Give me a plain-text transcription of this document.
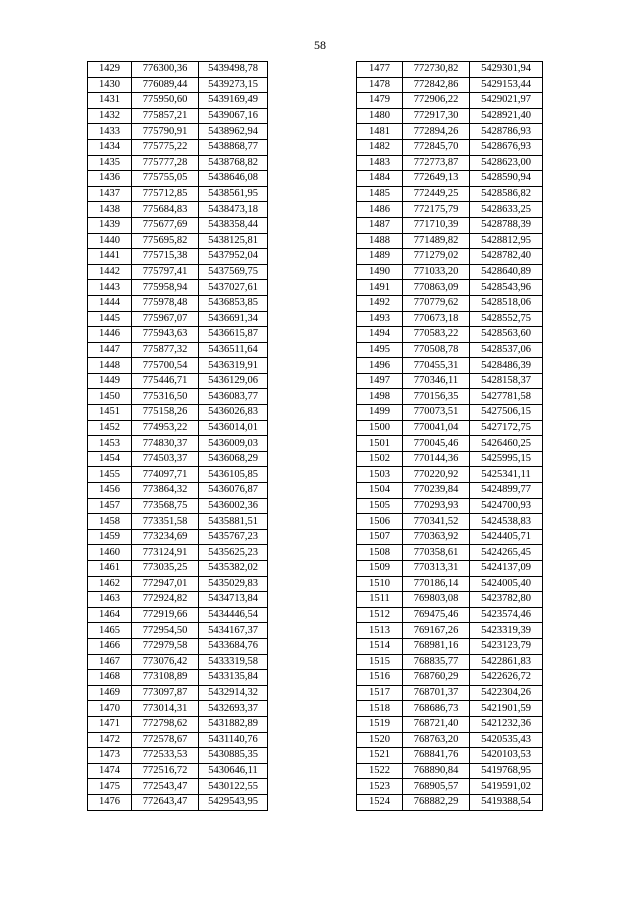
58
1429	776300,36	5439498,78
1430	776089,44	5439273,15
1431	775950,60	5439169,49
1432	775857,21	5439067,16
1433	775790,91	5438962,94
1434	775775,22	5438868,77
1435	775777,28	5438768,82
1436	775755,05	5438646,08
1437	775712,85	5438561,95
1438	775684,83	5438473,18
1439	775677,69	5438358,44
1440	775695,82	5438125,81
1441	775715,38	5437952,04
1442	775797,41	5437569,75
1443	775958,94	5437027,61
1444	775978,48	5436853,85
1445	775967,07	5436691,34
1446	775943,63	5436615,87
1447	775877,32	5436511,64
1448	775700,54	5436319,91
1449	775446,71	5436129,06
1450	775316,50	5436083,77
1451	775158,26	5436026,83
1452	774953,22	5436014,01
1453	774830,37	5436009,03
1454	774503,37	5436068,29
1455	774097,71	5436105,85
1456	773864,32	5436076,87
1457	773568,75	5436002,36
1458	773351,58	5435881,51
1459	773234,69	5435767,23
1460	773124,91	5435625,23
1461	773035,25	5435382,02
1462	772947,01	5435029,83
1463	772924,82	5434713,84
1464	772919,66	5434446,54
1465	772954,50	5434167,37
1466	772979,58	5433684,76
1467	773076,42	5433319,58
1468	773108,89	5433135,84
1469	773097,87	5432914,32
1470	773014,31	5432693,37
1471	772798,62	5431882,89
1472	772578,67	5431140,76
1473	772533,53	5430885,35
1474	772516,72	5430646,11
1475	772543,47	5430122,55
1476	772643,47	5429543,95
1477	772730,82	5429301,94
1478	772842,86	5429153,44
1479	772906,22	5429021,97
1480	772917,30	5428921,40
1481	772894,26	5428786,93
1482	772845,70	5428676,93
1483	772773,87	5428623,00
1484	772649,13	5428590,94
1485	772449,25	5428586,82
1486	772175,79	5428633,25
1487	771710,39	5428788,39
1488	771489,82	5428812,95
1489	771279,02	5428782,40
1490	771033,20	5428640,89
1491	770863,09	5428543,96
1492	770779,62	5428518,06
1493	770673,18	5428552,75
1494	770583,22	5428563,60
1495	770508,78	5428537,06
1496	770455,31	5428486,39
1497	770346,11	5428158,37
1498	770156,35	5427781,58
1499	770073,51	5427506,15
1500	770041,04	5427172,75
1501	770045,46	5426460,25
1502	770144,36	5425995,15
1503	770220,92	5425341,11
1504	770239,84	5424899,77
1505	770293,93	5424700,93
1506	770341,52	5424538,83
1507	770363,92	5424405,71
1508	770358,61	5424265,45
1509	770313,31	5424137,09
1510	770186,14	5424005,40
1511	769803,08	5423782,80
1512	769475,46	5423574,46
1513	769167,26	5423319,39
1514	768981,16	5423123,79
1515	768835,77	5422861,83
1516	768760,29	5422626,72
1517	768701,37	5422304,26
1518	768686,73	5421901,59
1519	768721,40	5421232,36
1520	768763,20	5420535,43
1521	768841,76	5420103,53
1522	768890,84	5419768,95
1523	768905,57	5419591,02
1524	768882,29	5419388,54
